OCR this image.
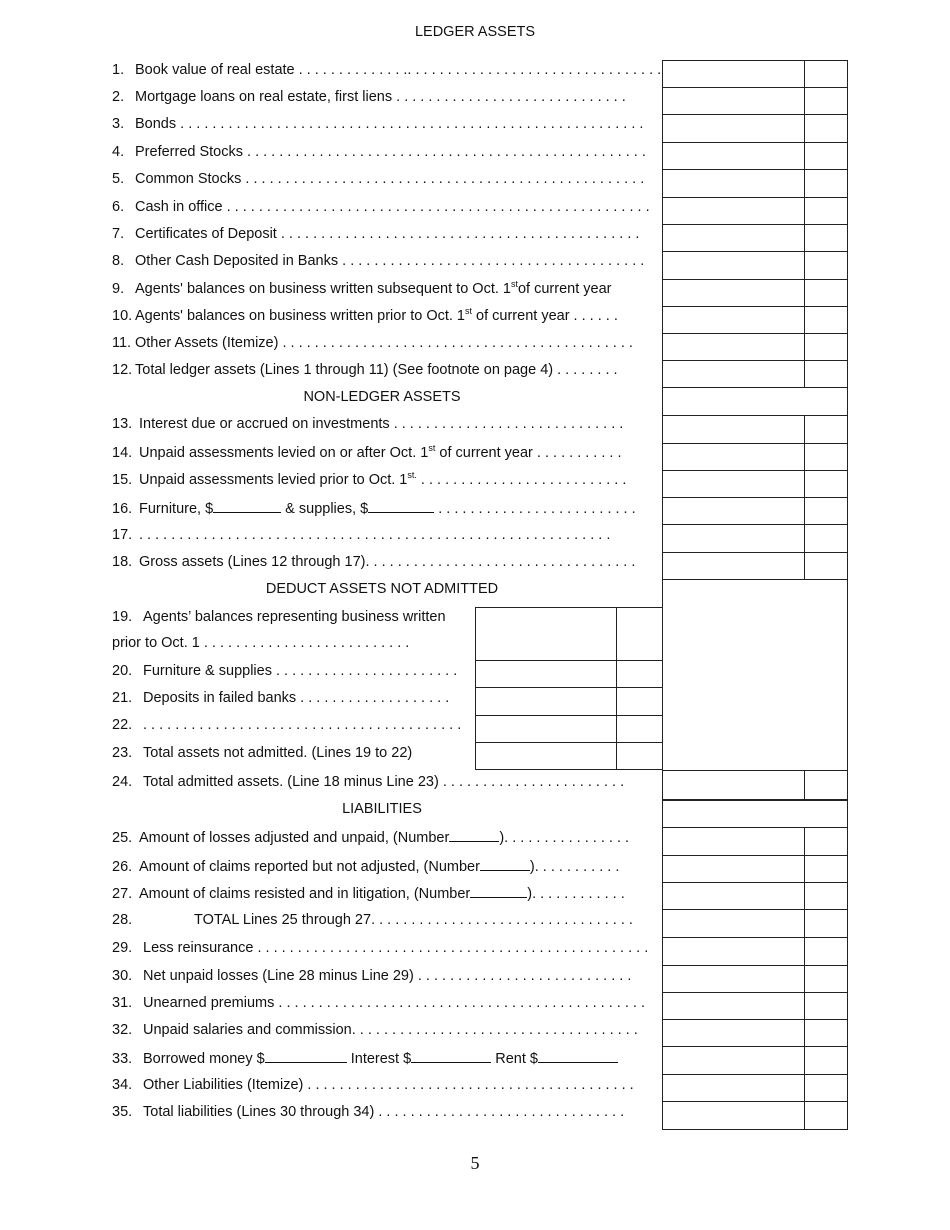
LEDGER ASSETS
1. Book value of real estate . . . . . . . . . . . . . .. . . . . . . . . . . . . . . . . . . . . . . . . . . . . . . .
2. Mortgage loans on real estate, first liens . . . . . . . . . . . . . . . . . . . . . . . . . . . . .
3. Bonds . . . . . . . . . . . . . . . . . . . . . . . . . . . . . . . . . . . . . . . . . . . . . . . . . . . . . . . . . .
4. Preferred Stocks . . . . . . . . . . . . . . . . . . . . . . . . . . . . . . . . . . . . . . . . . . . . . . . . . .
5. Common Stocks . . . . . . . . . . . . . . . . . . . . . . . . . . . . . . . . . . . . . . . . . . . . . . . . . .
6. Cash in office . . . . . . . . . . . . . . . . . . . . . . . . . . . . . . . . . . . . . . . . . . . . . . . . . . . . .
7. Certificates of Deposit . . . . . . . . . . . . . . . . . . . . . . . . . . . . . . . . . . . . . . . . . . . . .
8. Other Cash Deposited in Banks . . . . . . . . . . . . . . . . . . . . . . . . . . . . . . . . . . . . . .
9. Agents' balances on business written subsequent to Oct. 1stof current year
10. Agents' balances on business written prior to Oct. 1st of current year . . . . . .
11. Other Assets (Itemize) . . . . . . . . . . . . . . . . . . . . . . . . . . . . . . . . . . . . . . . . . . . .
12. Total ledger assets (Lines 1 through 11) (See footnote on page 4) . . . . . . . .
NON-LEDGER ASSETS
13. Interest due or accrued on investments . . . . . . . . . . . . . . . . . . . . . . . . . . . . .
14. Unpaid assessments levied on or after Oct. 1st of current year . . . . . . . . . . .
15. Unpaid assessments levied prior to Oct. $1^{st.}$ . . . . . . . . . . . . . . . . . . . . . . . . . .
16. Furniture, $	& supplies, $	. . . . . . . . . . . . . . . . . . . . . . . . .
17. . . . . . . . . . . . . . . . . . . . . . . . . . . . . . . . . . . . . . . . . . . . . . . . . . . . . . . . . . . .
18. Gross assets (Lines 12 through 17). . . . . . . . . . . . . . . . . . . . . . . . . . . . . . . . . .
DEDUCT ASSETS NOT ADMITTED
19. Agents’ balances representing business written
prior to Oct. 1 . . . . . . . . . . . . . . . . . . . . . . . . . .
20. Furniture & supplies . . . . . . . . . . . . . . . . . . . . . . .
21. Deposits in failed banks . . . . . . . . . . . . . . . . . . .
22. . . . . . . . . . . . . . . . . . . . . . . . . . . . . . . . . . . . . . . . .
23. Total assets not admitted. (Lines 19 to 22)
24. Total admitted assets. (Line 18 minus Line 23) . . . . . . . . . . . . . . . . . . . . . . .
LIABILITIES
25. Amount of losses adjusted and unpaid, (Number	). . . . . . . . . . . . . . . .
26. Amount of claims reported but not adjusted, (Number	). . . . . . . . . . .
27. Amount of claims resisted and in litigation, (Number	). . . . . . . . . . . .
28.	TOTAL Lines 25 through 27. . . . . . . . . . . . . . . . . . . . . . . . . . . . . . . . .
29. Less reinsurance . . . . . . . . . . . . . . . . . . . . . . . . . . . . . . . . . . . . . . . . . . . . . . . . .
30. Net unpaid losses (Line 28 minus Line 29) . . . . . . . . . . . . . . . . . . . . . . . . . . .
31. Unearned premiums . . . . . . . . . . . . . . . . . . . . . . . . . . . . . . . . . . . . . . . . . . . . . .
32. Unpaid salaries and commission. . . . . . . . . . . . . . . . . . . . . . . . . . . . . . . . . . . .
33. Borrowed money $	Interest $	Rent $
34. Other Liabilities (Itemize) . . . . . . . . . . . . . . . . . . . . . . . . . . . . . . . . . . . . . . . . .
35. Total liabilities (Lines 30 through 34) . . . . . . . . . . . . . . . . . . . . . . . . . . . . . . .
5
